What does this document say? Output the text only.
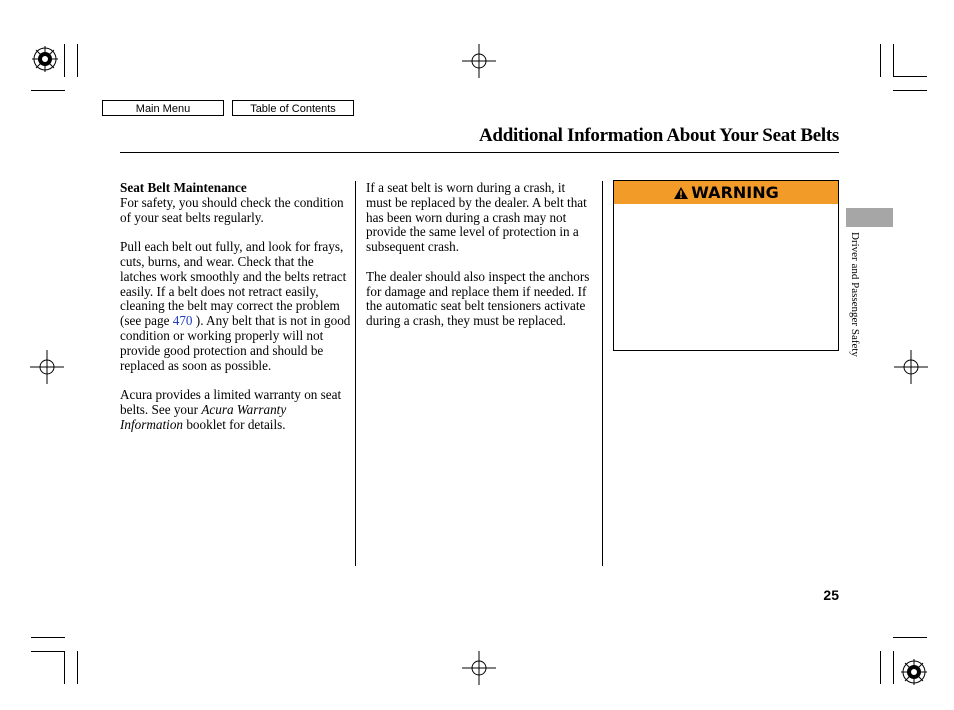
Main Menu	Table of Contents
Additional Information About Your Seat Belts
Seat Belt Maintenance

For safety, you should check the condition of your seat belts regularly.

Pull each belt out fully, and look for frays, cuts, burns, and wear. Check that the latches work smoothly and the belts retract easily. If a belt does not retract easily, cleaning the belt may correct the problem (see page 470 ). Any belt that is not in good condition or working properly will not provide good protection and should be replaced as soon as possible.

Acura provides a limited warranty on seat belts. See your Acura Warranty Information booklet for details.

If a seat belt is worn during a crash, it must be replaced by the dealer. A belt that has been worn during a crash may not provide the same level of protection in a subsequent crash.

The dealer should also inspect the anchors for damage and replace them if needed. If the automatic seat belt tensioners activate during a crash, they must be replaced.

WARNING
Driver and Passenger Safety
25
